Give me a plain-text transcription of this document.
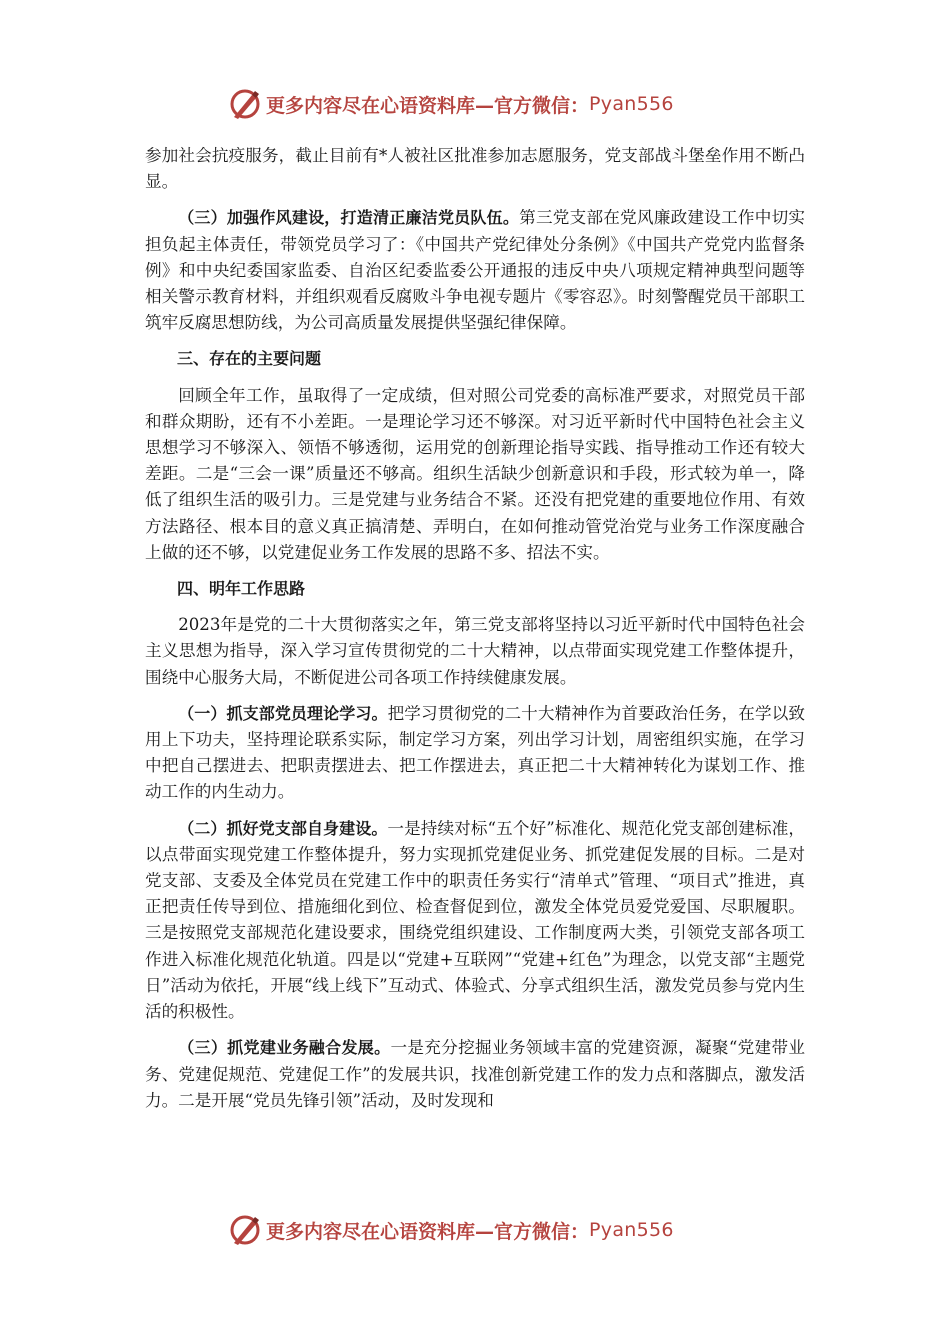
更多内容尽在心语资料库—官方微信： Pyan556

参加社会抗疫服务，截止目前有*人被社区批准参加志愿服务，党支部战斗堡垒作用不断凸显。

（三）加强作风建设，打造清正廉洁党员队伍。第三党支部在党风廉政建设工作中切实担负起主体责任，带领党员学习了：《中国共产党纪律处分条例》《中国共产党党内监督条例》和中央纪委国家监委、自治区纪委监委公开通报的违反中央八项规定精神典型问题等相关警示教育材料，并组织观看反腐败斗争电视专题片《零容忍》。时刻警醒党员干部职工筑牢反腐思想防线，为公司高质量发展提供坚强纪律保障。

三、存在的主要问题

回顾全年工作，虽取得了一定成绩，但对照公司党委的高标准严要求，对照党员干部和群众期盼，还有不小差距。一是理论学习还不够深。对习近平新时代中国特色社会主义思想学习不够深入、领悟不够透彻，运用党的创新理论指导实践、指导推动工作还有较大差距。二是“三会一课”质量还不够高。组织生活缺少创新意识和手段，形式较为单一，降低了组织生活的吸引力。三是党建与业务结合不紧。还没有把党建的重要地位作用、有效方法路径、根本目的意义真正搞清楚、弄明白，在如何推动管党治党与业务工作深度融合上做的还不够，以党建促业务工作发展的思路不多、招法不实。

四、明年工作思路

2023年是党的二十大贯彻落实之年，第三党支部将坚持以习近平新时代中国特色社会主义思想为指导，深入学习宣传贯彻党的二十大精神，以点带面实现党建工作整体提升，围绕中心服务大局，不断促进公司各项工作持续健康发展。

（一）抓支部党员理论学习。把学习贯彻党的二十大精神作为首要政治任务，在学以致用上下功夫，坚持理论联系实际，制定学习方案，列出学习计划，周密组织实施，在学习中把自己摆进去、把职责摆进去、把工作摆进去，真正把二十大精神转化为谋划工作、推动工作的内生动力。

（二）抓好党支部自身建设。一是持续对标“五个好”标准化、规范化党支部创建标准，以点带面实现党建工作整体提升，努力实现抓党建促业务、抓党建促发展的目标。二是对党支部、支委及全体党员在党建工作中的职责任务实行“清单式”管理、“项目式”推进，真正把责任传导到位、措施细化到位、检查督促到位，激发全体党员爱党爱国、尽职履职。三是按照党支部规范化建设要求，围绕党组织建设、工作制度两大类，引领党支部各项工作进入标准化规范化轨道。四是以“党建+互联网”“党建+红色”为理念，以党支部“主题党日”活动为依托，开展“线上线下”互动式、体验式、分享式组织生活，激发党员参与党内生活的积极性。

（三）抓党建业务融合发展。一是充分挖掘业务领域丰富的党建资源，凝聚“党建带业务、党建促规范、党建促工作”的发展共识，找准创新党建工作的发力点和落脚点，激发活力。二是开展“党员先锋引领”活动，及时发现和

更多内容尽在心语资料库—官方微信： Pyan556
